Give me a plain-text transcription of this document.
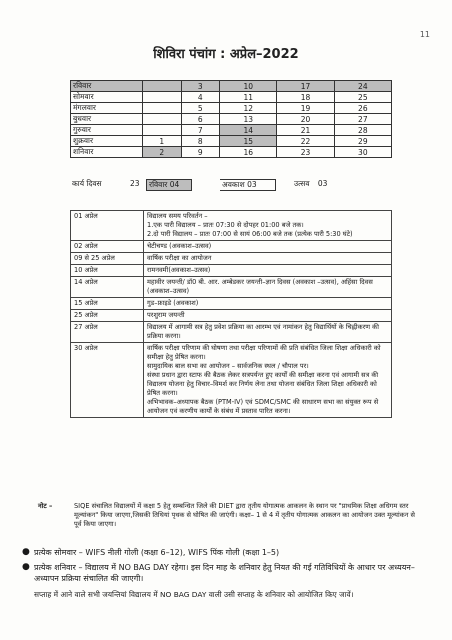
11
शिविरा पंचांग : अप्रेल–2022
रविवार		3	10	17	24
सोमवार		4	11	18	25
मंगलवार		5	12	19	26
बुधवार		6	13	20	27
गुरुवार		7	14	21	28
शुक्रवार	1	8	15	22	29
शनिवार	2	9	16	23	30
कार्य दिवस	23	रविवार 04	अवकाश 03	उत्सव 03
01 अप्रेल	विद्यालय समय परिवर्तन –
1.एक पारी विद्यालय – प्रातः 07:30 से दोपहर 01:00 बजे तक।
2.दो पारी विद्यालय – प्रातः 07:00 से सायं 06:00 बजे तक (प्रत्येक पारी 5:30 घंटे)
02 अप्रेल	चेटीचण्ड (अवकाश–उत्सव)
09 से 25 अप्रेल	वार्षिक परीक्षा का आयोजन
10 अप्रेल	रामनवमी(अवकाश–उत्सव)
14 अप्रेल	महावीर जयन्ती/ डॉ0 बी. आर. अम्बेडकर जयन्ती–ज्ञान दिवस (अवकाश –उत्सव), अहिंसा दिवस (अवकाश–उत्सव)
15 अप्रेल	गुड–फ्राइडे (अवकाश)
25 अप्रेल	परशुराम जयन्ती
27 अप्रेल	विद्यालय में आगामी सत्र हेतु प्रवेश प्रक्रिया का आरम्भ एवं नामांकन हेतु विद्यार्थियों के चिह्नीकरण की प्रक्रिया करना।
30 अप्रेल	वार्षिक परीक्षा परिणाम की घोषणा तथा परीक्षा परिणामों की प्रति संबंधित जिला शिक्षा अधिकारी को समीक्षा हेतु प्रेषित करना।
सामुदायिक बाल सभा का आयोजन – सार्वजनिक स्थल / चौपाल पर।
संस्था प्रधान द्वारा स्टाफ की बैठक लेकर सत्रपर्यन्त हुए कार्यों की समीक्षा करना एवं आगामी सत्र की विद्यालय योजना हेतु विचार–विमर्श कर निर्णय लेना तथा योजना संबंधित जिला शिक्षा अधिकारी को प्रेषित करना।
अभिभावक–अध्यापक बैठक (PTM-IV) एवं SDMC/SMC की साधारण सभा का संयुक्त रूप से आयोजन एवं करणीय कार्यों के संबंध में प्रस्ताव पारित करना।
नोट –	SIQE संचालित विद्यालयों में कक्षा 5 हेतु सम्बन्धित जिले की DIET द्वारा तृतीय योगात्मक आकलन के स्थान पर "प्राथमिक शिक्षा अधिगम स्तर मूल्यांकन" किया जाएगा,जिसकी तिथियां पृथक से घोषित की जाएंगी। कक्षा– 1 से 4 में तृतीय योगात्मक आकलन का आयोजन उक्त मूल्यांकन से पूर्व किया जाएगा।
● प्रत्येक सोमवार – WIFS नीली गोली (कक्षा 6–12), WIFS पिंक गोली (कक्षा 1–5)
● प्रत्येक शनिवार – विद्यालय में NO BAG DAY रहेगा। इस दिन माह के शनिवार हेतु नियत की गई गतिविधियों के आधार पर अध्ययन–अध्यापन प्रक्रिया संचालित की जाएगी।
सप्ताह में आने वाले सभी जयन्तियां विद्यालय में NO BAG DAY वाली उसी सप्ताह के शनिवार को आयोजित किए जावें।
